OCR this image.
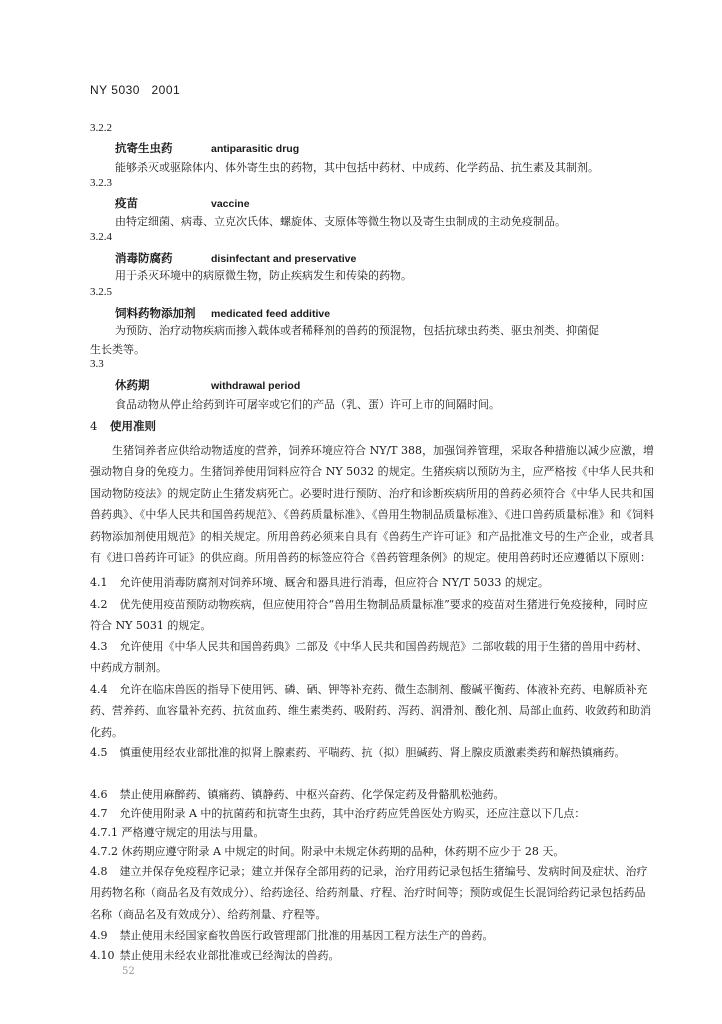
NY 5030   2001
3.2.2
抗寄生虫药	antiparasitic drug
能够杀灭或驱除体内、体外寄生虫的药物，其中包括中药材、中成药、化学药品、抗生素及其制剂。
3.2.3
疫苗	vaccine
由特定细菌、病毒、立克次氏体、螺旋体、支原体等微生物以及寄生虫制成的主动免疫制品。
3.2.4
消毒防腐药	disinfectant and preservative
用于杀灭环境中的病原微生物，防止疾病发生和传染的药物。
3.2.5
饲料药物添加剂 medicated feed additive
为预防、治疗动物疾病而掺入载体或者稀释剂的兽药的预混物，包括抗球虫药类、驱虫剂类、抑菌促
生长类等。
3.3
休药期	withdrawal period
食品动物从停止给药到许可屠宰或它们的产品（乳、蛋）许可上市的间隔时间。
4 使用准则
生猪饲养者应供给动物适度的营养，饲养环境应符合 NY/T 388，加强饲养管理，采取各种措施以减少应激，增强动物自身的免疫力。生猪饲养使用饲料应符合 NY 5032 的规定。生猪疾病以预防为主，应严格按《中华人民共和国动物防疫法》的规定防止生猪发病死亡。必要时进行预防、治疗和诊断疾病所用的兽药必须符合《中华人民共和国兽药典》、《中华人民共和国兽药规范》、《兽药质量标准》、《兽用生物制品质量标准》、《进口兽药质量标准》和《饲料药物添加剂使用规范》的相关规定。所用兽药必须来自具有《兽药生产许可证》和产品批准文号的生产企业，或者具有《进口兽药许可证》的供应商。所用兽药的标签应符合《兽药管理条例》的规定。使用兽药时还应遵循以下原则：
4.1 允许使用消毒防腐剂对饲养环境、厩舍和器具进行消毒，但应符合 NY/T 5033 的规定。
4.2 优先使用疫苗预防动物疾病，但应使用符合“兽用生物制品质量标准”要求的疫苗对生猪进行免疫接种，同时应符合 NY 5031 的规定。
4.3 允许使用《中华人民共和国兽药典》二部及《中华人民共和国兽药规范》二部收载的用于生猪的兽用中药材、中药成方制剂。
4.4 允许在临床兽医的指导下使用钙、磷、硒、钾等补充药、微生态制剂、酸碱平衡药、体液补充药、电解质补充药、营养药、血容量补充药、抗贫血药、维生素类药、吸附药、泻药、润滑剂、酸化剂、局部止血药、收敛药和助消化药。
4.5 慎重使用经农业部批准的拟肾上腺素药、平喘药、抗（拟）胆碱药、肾上腺皮质激素类药和解热镇痛药。
4.6 禁止使用麻醉药、镇痛药、镇静药、中枢兴奋药、化学保定药及骨骼肌松弛药。
4.7 允许使用附录 A 中的抗菌药和抗寄生虫药，其中治疗药应凭兽医处方购买，还应注意以下几点：
4.7.1 严格遵守规定的用法与用量。
4.7.2 休药期应遵守附录 A 中规定的时间。附录中未规定休药期的品种，休药期不应少于 28 天。
4.8 建立并保存免疫程序记录；建立并保存全部用药的记录，治疗用药记录包括生猪编号、发病时间及症状、治疗用药物名称（商品名及有效成分）、给药途径、给药剂量、疗程、治疗时间等；预防或促生长混饲给药记录包括药品名称（商品名及有效成分）、给药剂量、疗程等。
4.9 禁止使用未经国家畜牧兽医行政管理部门批准的用基因工程方法生产的兽药。
4.10 禁止使用未经农业部批准或已经淘汰的兽药。
52
